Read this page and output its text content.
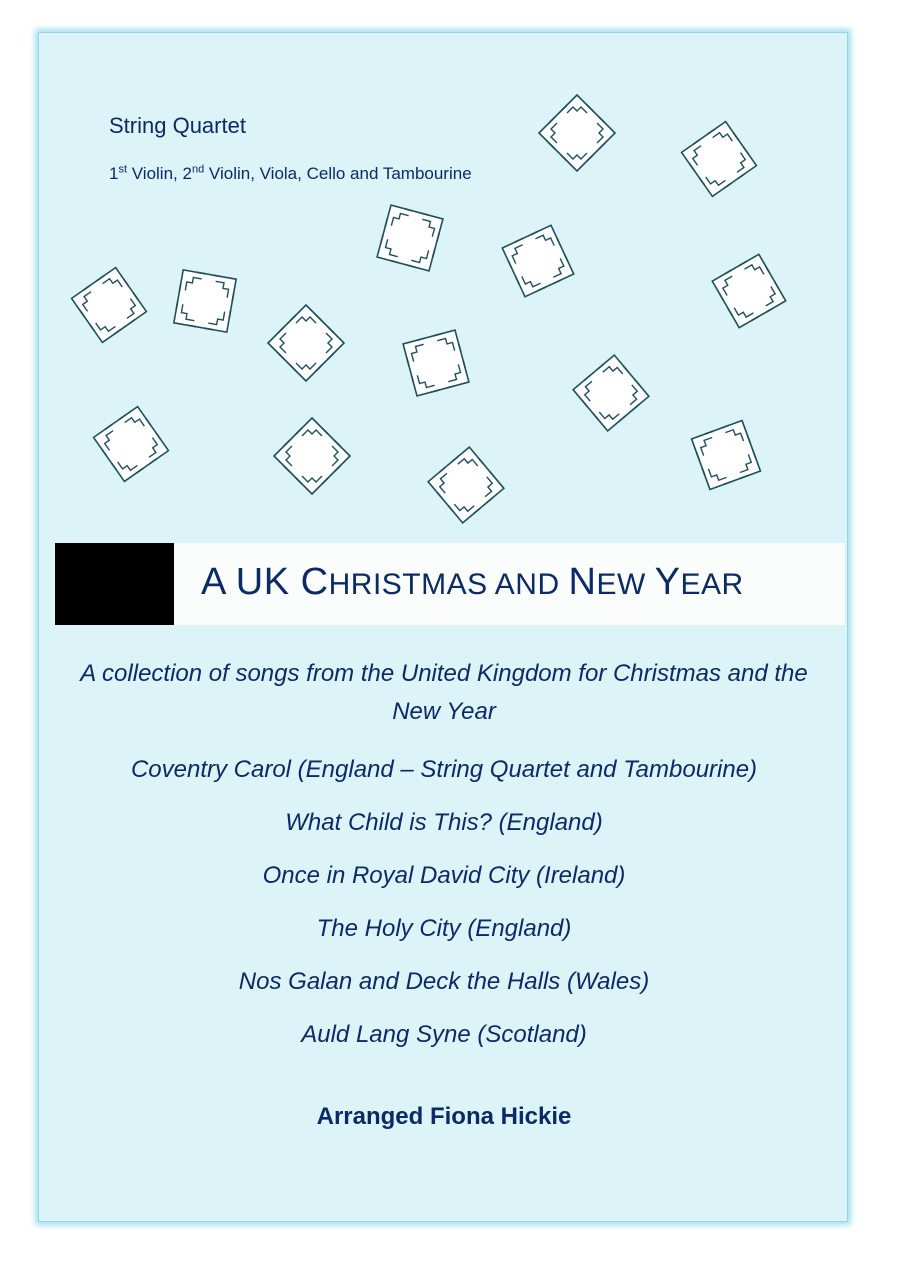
String Quartet
1st Violin, 2nd Violin, Viola, Cello and Tambourine
A UK CHRISTMAS AND NEW YEAR
A collection of songs from the United Kingdom for Christmas and the New Year
Coventry Carol (England – String Quartet and Tambourine)
What Child is This? (England)
Once in Royal David City (Ireland)
The Holy City (England)
Nos Galan and Deck the Halls (Wales)
Auld Lang Syne (Scotland)
Arranged Fiona Hickie
